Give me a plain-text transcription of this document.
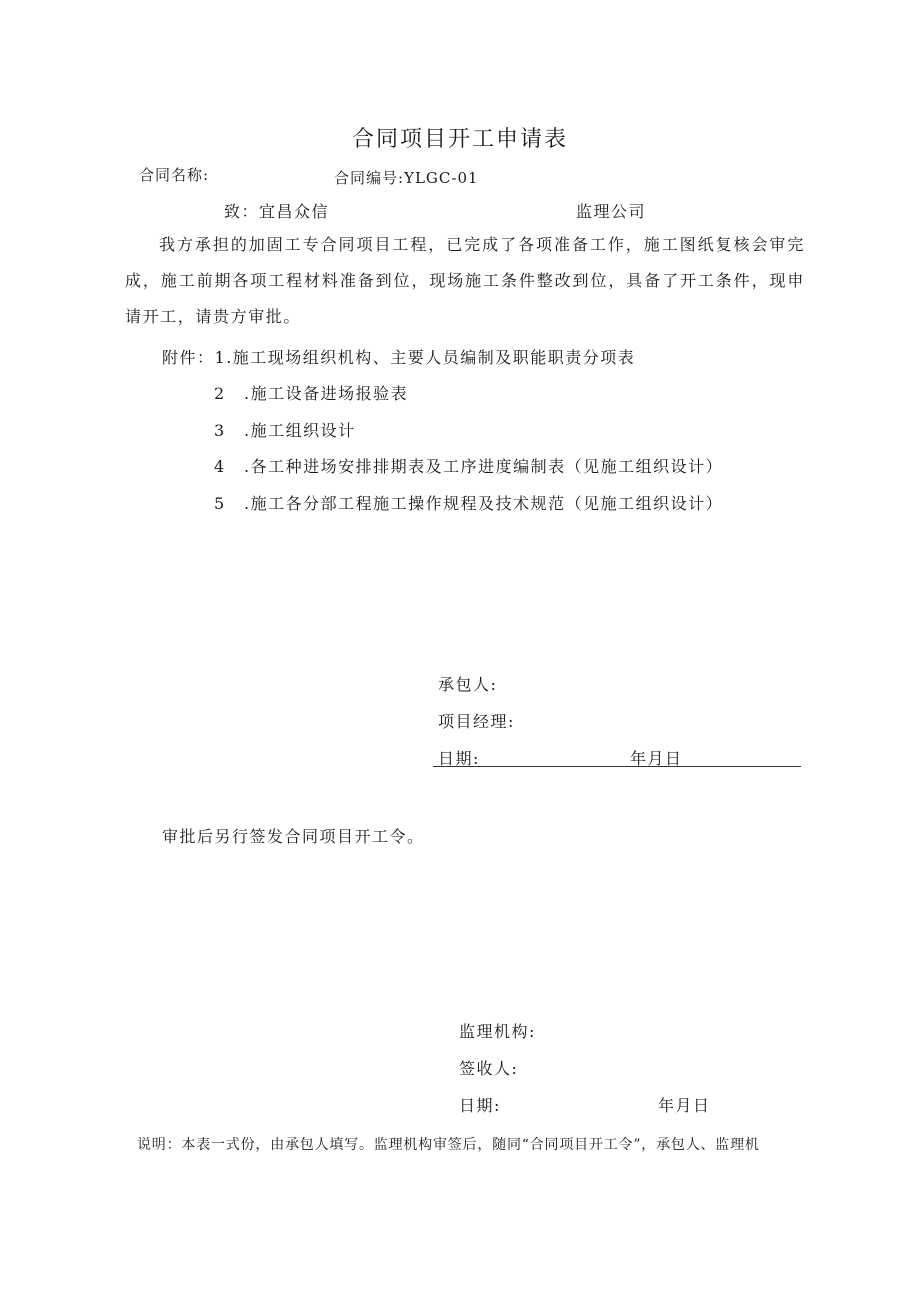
合同项目开工申请表
合同名称:	合同编号:YLGC-01
致：宜昌众信	监理公司
我方承担的加固工专合同项目工程，已完成了各项准备工作，施工图纸复核会审完成，施工前期各项工程材料准备到位，现场施工条件整改到位，具备了开工条件，现申请开工，请贵方审批。
附件：1.施工现场组织机构、主要人员编制及职能职责分项表
2 .施工设备进场报验表
3 .施工组织设计
4 .各工种进场安排排期表及工序进度编制表（见施工组织设计）
5 .施工各分部工程施工操作规程及技术规范（见施工组织设计）
承包人:
项目经理:
日期:	年月日
审批后另行签发合同项目开工令。
监理机构:
签收人:
日期:	年月日
说明：本表一式份，由承包人填写。监理机构审签后，随同“合同项目开工令”，承包人、监理机
